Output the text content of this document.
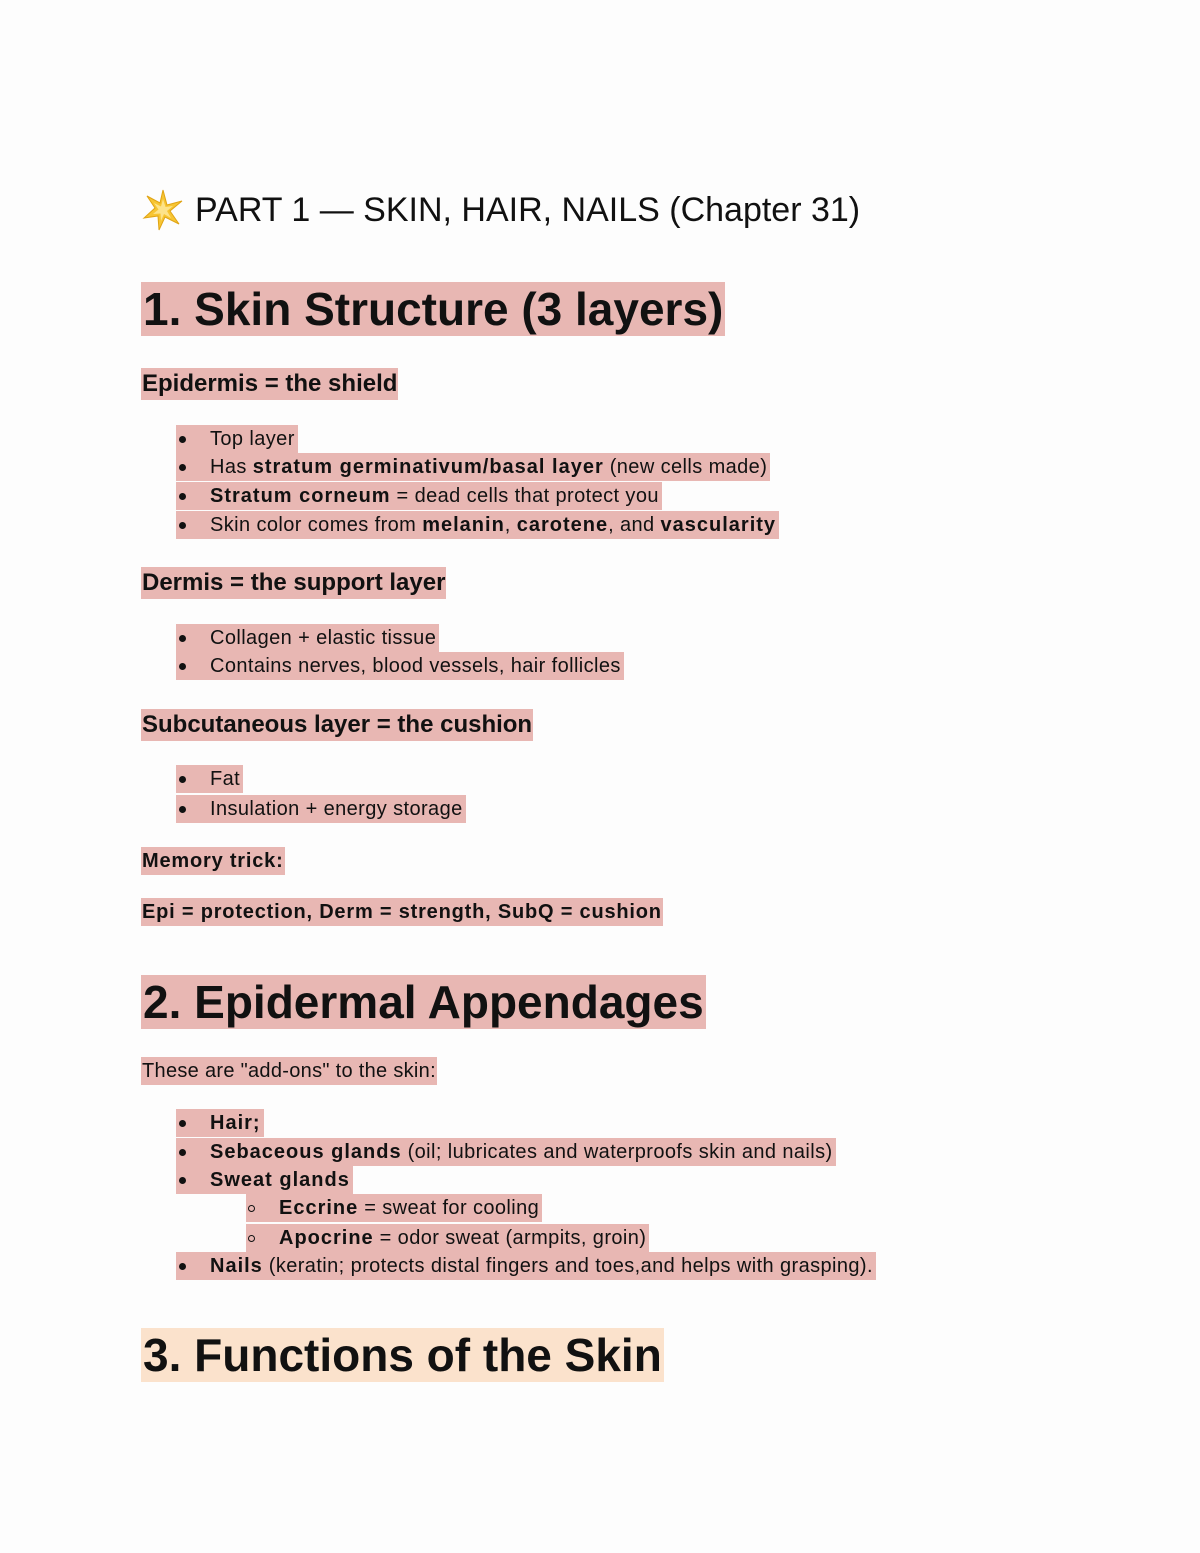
PART 1 — SKIN, HAIR, NAILS (Chapter 31)
1. Skin Structure (3 layers)
Epidermis = the shield
Top layer
Has stratum germinativum/basal layer (new cells made)
Stratum corneum = dead cells that protect you
Skin color comes from melanin, carotene, and vascularity
Dermis = the support layer
Collagen + elastic tissue
Contains nerves, blood vessels, hair follicles
Subcutaneous layer = the cushion
Fat
Insulation + energy storage
Memory trick:
Epi = protection, Derm = strength, SubQ = cushion
2. Epidermal Appendages
These are "add-ons" to the skin:
Hair;
Sebaceous glands (oil; lubricates and waterproofs skin and nails)
Sweat glands
Eccrine = sweat for cooling
Apocrine = odor sweat (armpits, groin)
Nails (keratin; protects distal fingers and toes,and helps with grasping).
3. Functions of the Skin
